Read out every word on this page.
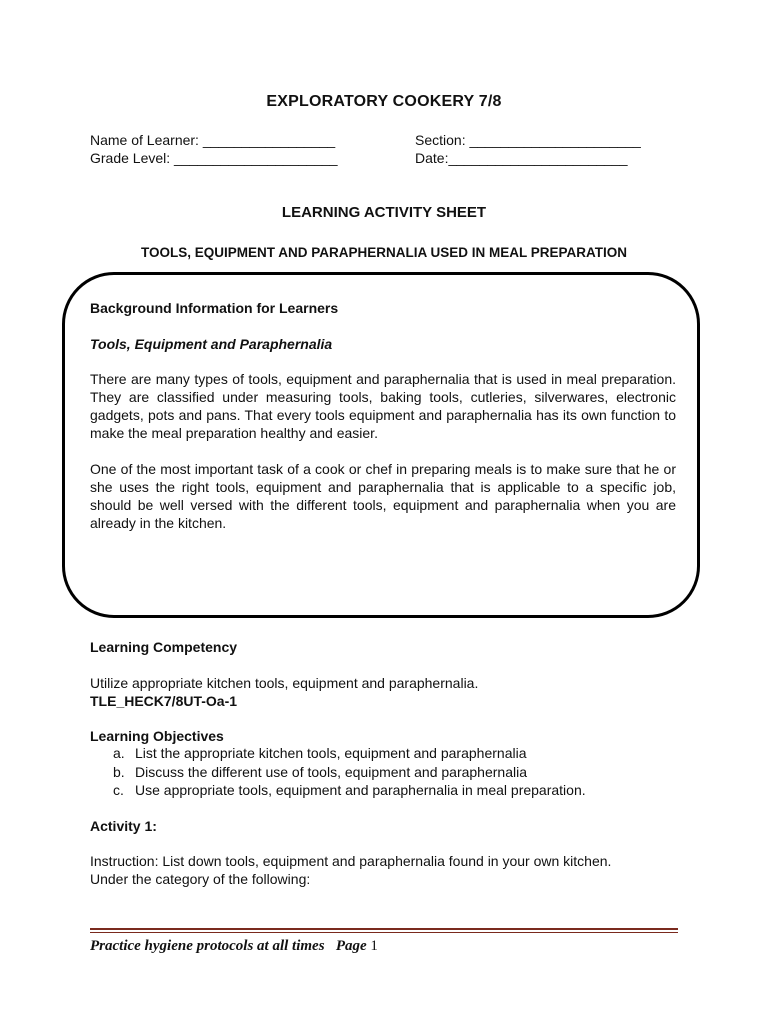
EXPLORATORY COOKERY 7/8
Name of Learner: _________________	Section: ______________________
Grade Level: _____________________	Date:_______________________
LEARNING ACTIVITY SHEET
TOOLS, EQUIPMENT AND PARAPHERNALIA USED IN MEAL PREPARATION
Background Information for Learners
Tools, Equipment and Paraphernalia
There are many types of tools, equipment and paraphernalia that is used in meal preparation. They are classified under measuring tools, baking tools, cutleries, silverwares, electronic gadgets, pots and pans. That every tools equipment and paraphernalia has its own function to make the meal preparation healthy and easier.
One of the most important task of a cook or chef in preparing meals is to make sure that he or she uses the right tools, equipment and paraphernalia that is applicable to a specific job, should be well versed with the different tools, equipment and paraphernalia when you are already in the kitchen.
Learning Competency
Utilize appropriate kitchen tools, equipment and paraphernalia.
TLE_HECK7/8UT-Oa-1
Learning Objectives
a. List the appropriate kitchen tools, equipment and paraphernalia
b. Discuss the different use of tools, equipment and paraphernalia
c. Use appropriate tools, equipment and paraphernalia in meal preparation.
Activity 1:
Instruction: List down tools, equipment and paraphernalia found in your own kitchen.
Under the category of the following:
Practice hygiene protocols at all times Page 1
